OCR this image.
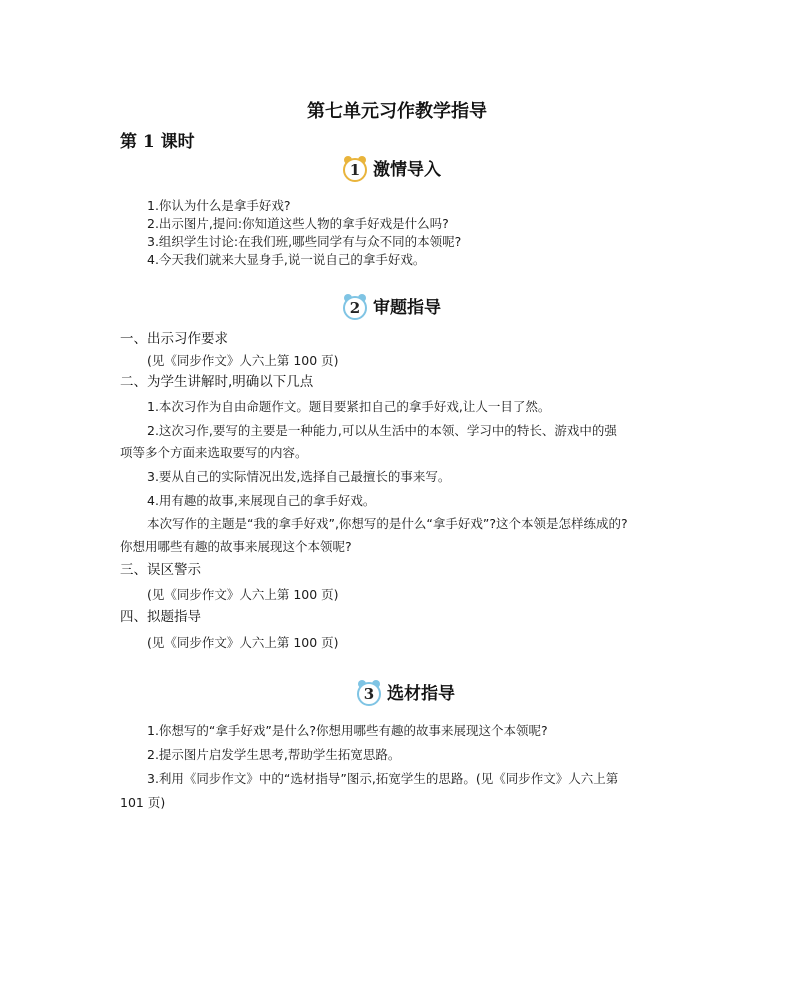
第七单元习作教学指导
第 1 课时
1 激情导入
1.你认为什么是拿手好戏?
2.出示图片,提问:你知道这些人物的拿手好戏是什么吗?
3.组织学生讨论:在我们班,哪些同学有与众不同的本领呢?
4.今天我们就来大显身手,说一说自己的拿手好戏。
2 审题指导
一、出示习作要求
(见《同步作文》人六上第 100 页)
二、为学生讲解时,明确以下几点
1.本次习作为自由命题作文。题目要紧扣自己的拿手好戏,让人一目了然。
2.这次习作,要写的主要是一种能力,可以从生活中的本领、学习中的特长、游戏中的强
项等多个方面来选取要写的内容。
3.要从自己的实际情况出发,选择自己最擅长的事来写。
4.用有趣的故事,来展现自己的拿手好戏。
本次写作的主题是“我的拿手好戏”,你想写的是什么“拿手好戏”?这个本领是怎样练成的?
你想用哪些有趣的故事来展现这个本领呢?
三、误区警示
(见《同步作文》人六上第 100 页)
四、拟题指导
(见《同步作文》人六上第 100 页)
3 选材指导
1.你想写的“拿手好戏”是什么?你想用哪些有趣的故事来展现这个本领呢?
2.提示图片启发学生思考,帮助学生拓宽思路。
3.利用《同步作文》中的“选材指导”图示,拓宽学生的思路。(见《同步作文》人六上第
101 页)
